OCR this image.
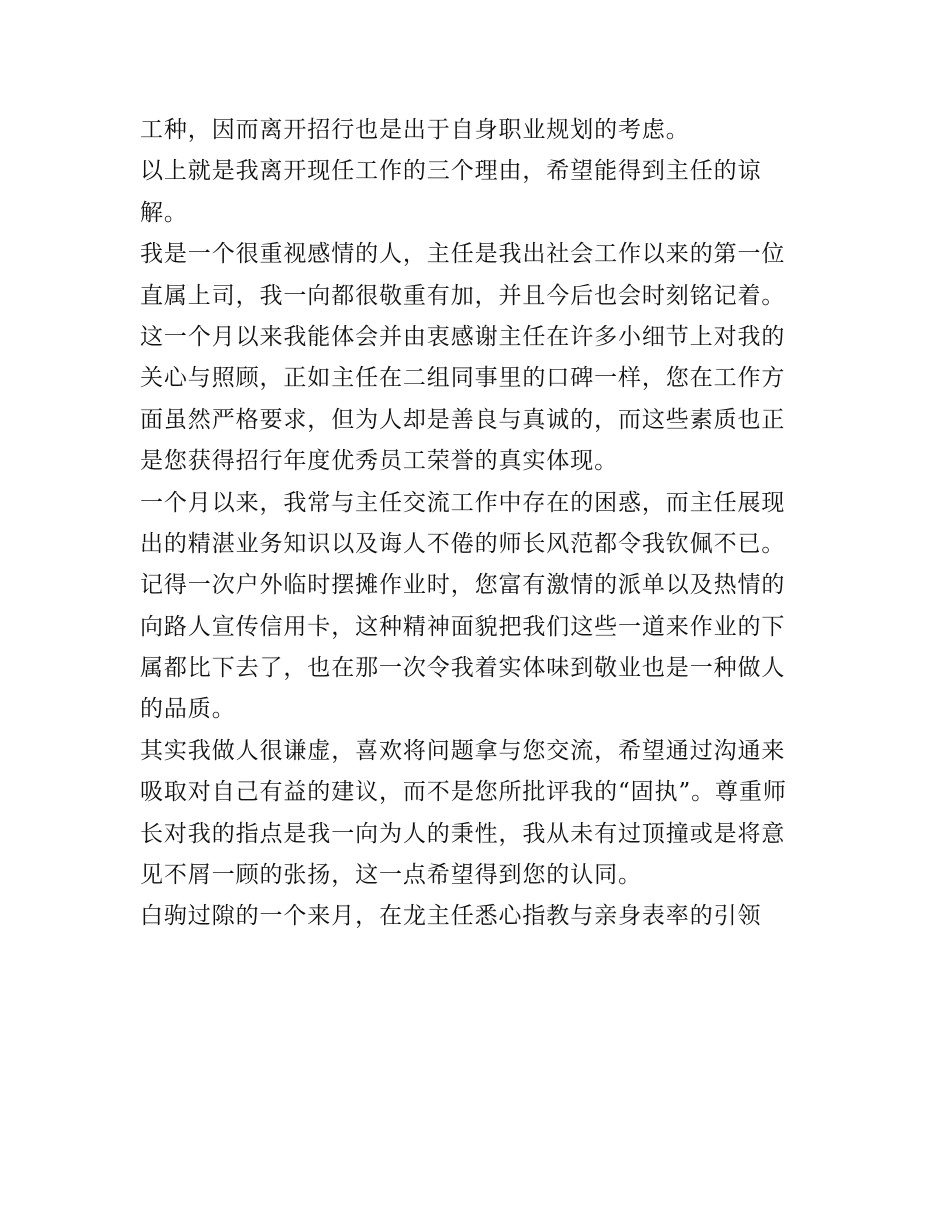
工种，因而离开招行也是出于自身职业规划的考虑。
以上就是我离开现任工作的三个理由，希望能得到主任的谅
解。
我是一个很重视感情的人，主任是我出社会工作以来的第一位
直属上司，我一向都很敬重有加，并且今后也会时刻铭记着。
这一个月以来我能体会并由衷感谢主任在许多小细节上对我的
关心与照顾，正如主任在二组同事里的口碑一样，您在工作方
面虽然严格要求，但为人却是善良与真诚的，而这些素质也正
是您获得招行年度优秀员工荣誉的真实体现。
一个月以来，我常与主任交流工作中存在的困惑，而主任展现
出的精湛业务知识以及诲人不倦的师长风范都令我钦佩不已。
记得一次户外临时摆摊作业时，您富有激情的派单以及热情的
向路人宣传信用卡，这种精神面貌把我们这些一道来作业的下
属都比下去了，也在那一次令我着实体味到敬业也是一种做人
的品质。
其实我做人很谦虚，喜欢将问题拿与您交流，希望通过沟通来
吸取对自己有益的建议，而不是您所批评我的“固执”。尊重师
长对我的指点是我一向为人的秉性，我从未有过顶撞或是将意
见不屑一顾的张扬，这一点希望得到您的认同。
白驹过隙的一个来月，在龙主任悉心指教与亲身表率的引领
